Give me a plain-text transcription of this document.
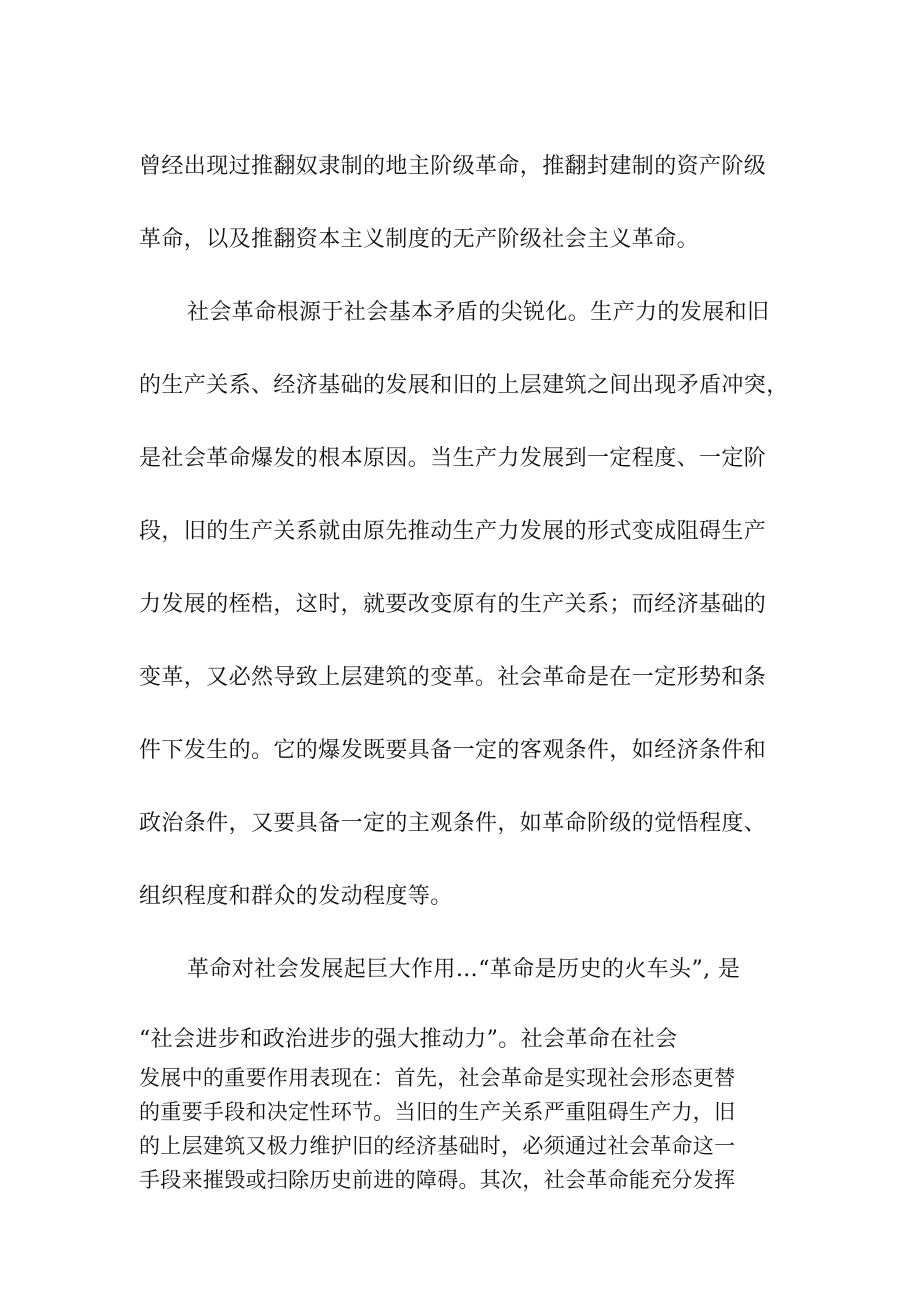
曾经出现过推翻奴隶制的地主阶级革命，推翻封建制的资产阶级
革命，以及推翻资本主义制度的无产阶级社会主义革命。
社会革命根源于社会基本矛盾的尖锐化。生产力的发展和旧
的生产关系、经济基础的发展和旧的上层建筑之间出现矛盾冲突，
是社会革命爆发的根本原因。当生产力发展到一定程度、一定阶
段，旧的生产关系就由原先推动生产力发展的形式变成阻碍生产
力发展的桎梏，这时，就要改变原有的生产关系；而经济基础的
变革，又必然导致上层建筑的变革。社会革命是在一定形势和条
件下发生的。它的爆发既要具备一定的客观条件，如经济条件和
政治条件，又要具备一定的主观条件，如革命阶级的觉悟程度、
组织程度和群众的发动程度等。
革命对社会发展起巨大作用…“革命是历史的火车头”, 是
“社会进步和政治进步的强大推动力”。社会革命在社会
发展中的重要作用表现在：首先，社会革命是实现社会形态更替
的重要手段和决定性环节。当旧的生产关系严重阻碍生产力，旧
的上层建筑又极力维护旧的经济基础时，必须通过社会革命这一
手段来摧毁或扫除历史前进的障碍。其次，社会革命能充分发挥
